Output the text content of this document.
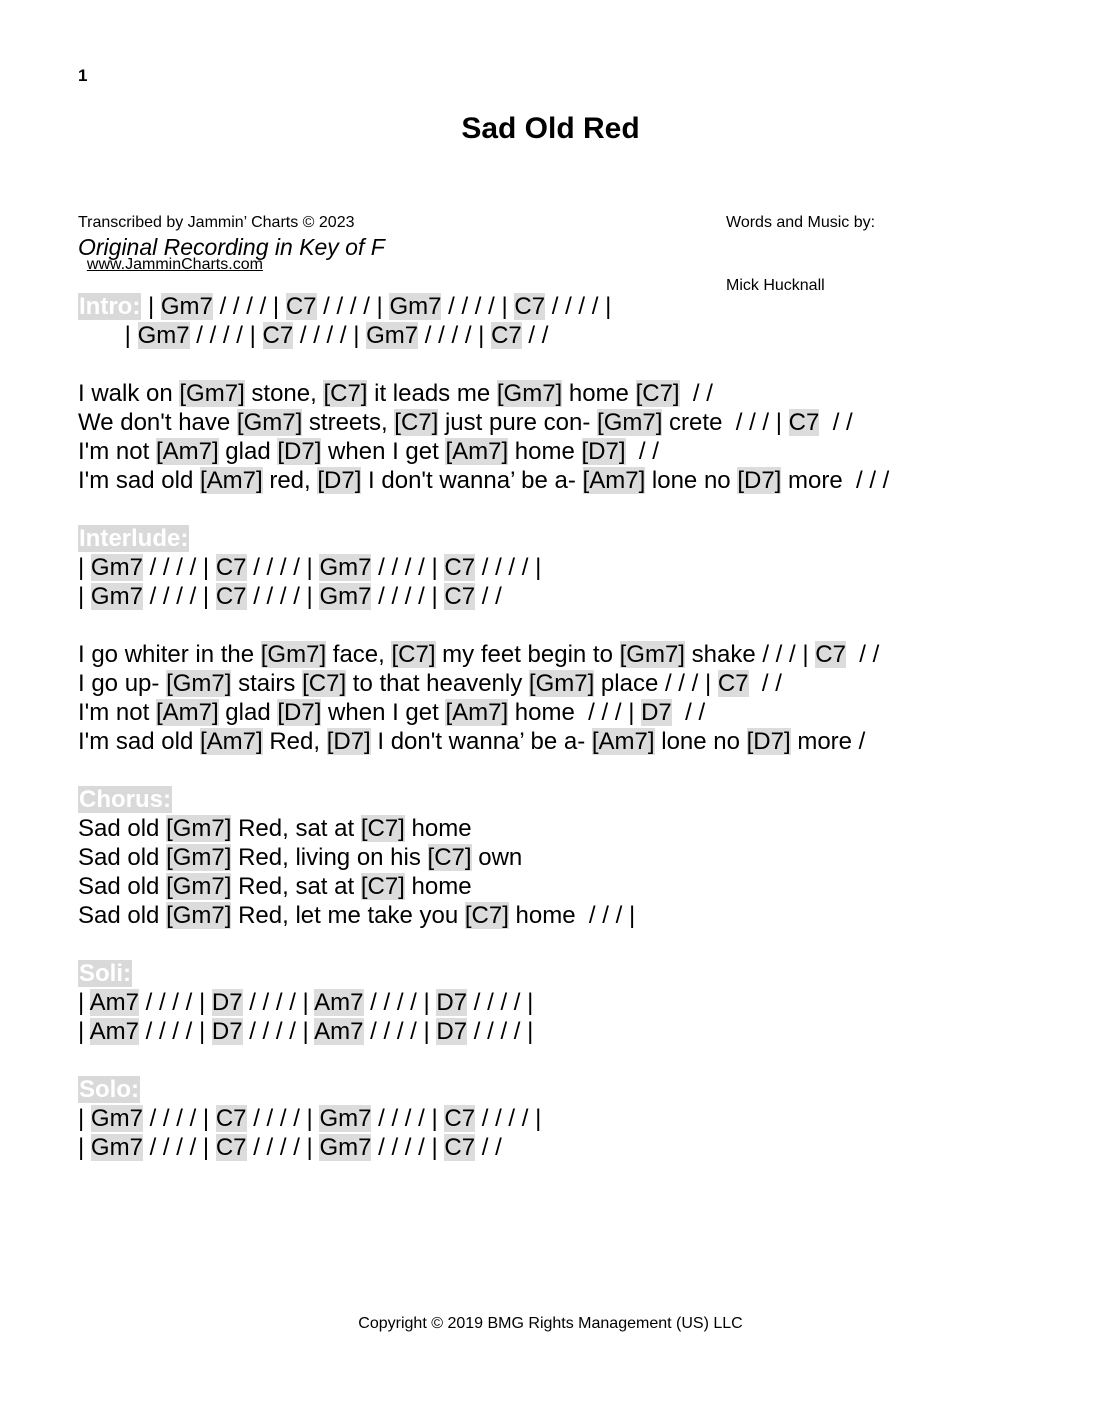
1
Sad Old Red

Transcribed by Jammin’ Charts © 2023

www.JamminCharts.com

Words and Music by:

Mick Hucknall

Original Recording in Key of F
Intro: | Gm7 / / / / | C7 / / / / | Gm7 / / / / | C7 / / / / |
| Gm7 / / / / | C7 / / / / | Gm7 / / / / | C7 / /
I walk on [Gm7] stone, [C7] it leads me [Gm7] home [C7]  / /
We don't have [Gm7] streets, [C7] just pure con- [Gm7] crete  / / / | C7  / /
I'm not [Am7] glad [D7] when I get [Am7] home [D7]  / /
I'm sad old [Am7] red, [D7] I don't wanna’ be a- [Am7] lone no [D7] more  / / /
Interlude:
| Gm7 / / / / | C7 / / / / | Gm7 / / / / | C7 / / / / |
| Gm7 / / / / | C7 / / / / | Gm7 / / / / | C7 / /
I go whiter in the [Gm7] face, [C7] my feet begin to [Gm7] shake / / / | C7  / /
I go up- [Gm7] stairs [C7] to that heavenly [Gm7] place / / / | C7  / /
I'm not [Am7] glad [D7] when I get [Am7] home  / / / | D7  / /
I'm sad old [Am7] Red, [D7] I don't wanna’ be a- [Am7] lone no [D7] more /
Chorus:
Sad old [Gm7] Red, sat at [C7] home
Sad old [Gm7] Red, living on his [C7] own
Sad old [Gm7] Red, sat at [C7] home
Sad old [Gm7] Red, let me take you [C7] home  / / / |
Soli:
| Am7 / / / / | D7 / / / / | Am7 / / / / | D7 / / / / |
| Am7 / / / / | D7 / / / / | Am7 / / / / | D7 / / / / |
Solo:
| Gm7 / / / / | C7 / / / / | Gm7 / / / / | C7 / / / / |
| Gm7 / / / / | C7 / / / / | Gm7 / / / / | C7 / /
Copyright © 2019 BMG Rights Management (US) LLC
